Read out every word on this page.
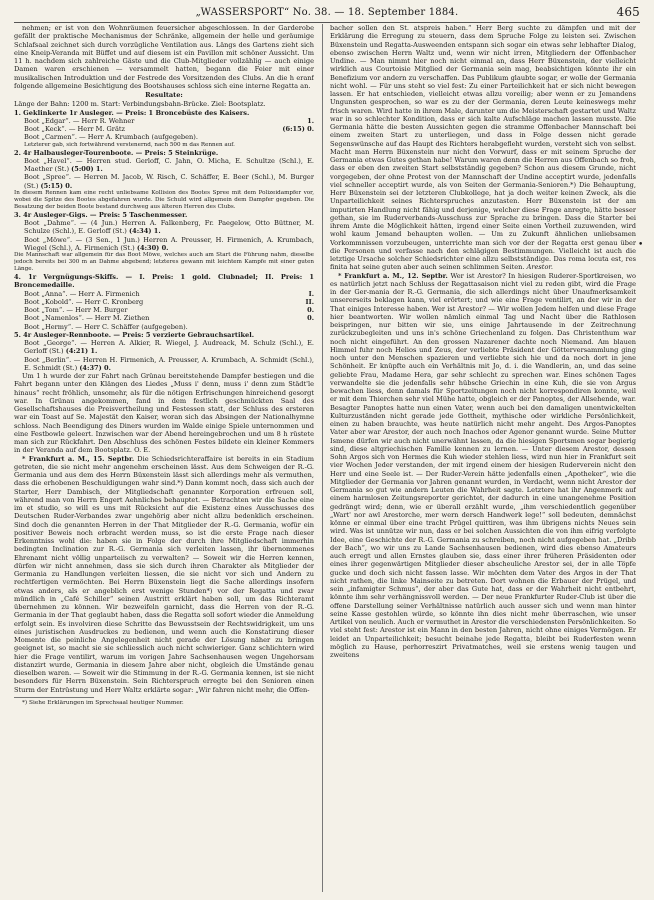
„WASSERSPORT“ No. 38. — 18. September 1884.	465

nehmen; er ist von den Wohnräumen feuersicher abgeschlossen. In der Garderobe gefällt der praktische Mechanismus der Schränke, allgemein der helle und geräumige Schlafsaal zeichnet sich durch vorzügliche Ventilation aus. Längs des Gartens zieht sich eine Kneip-Veranda mit Büffet und auf diesem ist ein Pavillon mit schöner Aussicht. Um 11 h. nachdem sich zahlreiche Gäste und die Club-Mitglieder vollzählig — auch einige Damen waren erschienen — versammelt hatten, begann die Feier mit einer musikalischen Introduktion und der Festrede des Vorsitzenden des Clubs. An die h eranf folgende allgemeine Besichtigung des Bootshauses schloss sich eine interne Regatta an.

Resultate:

Länge der Bahn: 1200 m. Start: Verbindungsbahn-Brücke. Ziel: Bootsplatz.

1. Geklinkerte 1r Ausleger. — Preis: 1 Broncebüste des Kaisers.

Boot „Edgar“. — Herr R. Wehner	1.
Boot „Keck“. — Herr M. Grätz	(6:15) 0.
Boot „Carmen“. — Herr A. Krumbach (aufgegeben).

Letzterer gab, sich fortwährend verstenernd, nach 500 m das Rennen auf.

2. 4r Halbausleger-Tourenboote. — Preis: 5 Steinkrüge.

Boot „Havel“. — Herren stud. Gerloff, C. Jahn, O. Micha, E. Schultze (Schl.), E. Maether (St.) (5:00) 1.

Boot „Spree“. — Herren M. Jacob, W. Risch, C. Schäffer, E. Beer (Schl.), M. Burger (St.) (5:15) 0.

In diesem Rennen kam eine recht unliebsame Kollision des Bootes Spree mit dem Polizeidampfer vor, wobei die Spitze des Bootes abgefahren wurde. Die Schuld wird allgemein dem Dampfer gegeben. Die Besatzung der beiden Boote bestand durchweg aus älteren Herren des Clubs.

3. 4r Ausleger-Gigs. — Preis: 5 Taschenmesser.

Boot „Dahme“. — (4 Jun.) Herren A. Falkenberg, Fr. Paegelow, Otto Büttner, M. Schulze (Schl.), E. Gerloff (St.) (4:34) 1.

Boot „Möwe“. — (3 Sen., 1 Jun.) Herren A. Preusser, H. Firmenich, A. Krumbach, Wiegel (Schl.), A. Firmenich (St.) (4:30) 0.

Die Mannschaft war allgemein für das Boot Möwe, welches auch am Start die Führung nahm, dieselbe jedoch bereits bei 300 m an Dahme abgebend; letzteres gewann mit leichtem Kampfe mit einer guten Länge.

4. 1r Vergnügungs-Skiffs. — I. Preis: 1 gold. Clubnadel; II. Preis: 1 Broncemedaille.

Boot „Anna“. — Herr A. Firmenich	I.
Boot „Kobold“. — Herr C. Kronberg	II.
Boot „Tom“. — Herr M. Burger	0.
Boot „Namenlos“. — Herr M. Ziethen	0.
Boot „Hermy“. — Herr C. Schäffer (aufgegeben).

5. 4r Ausleger-Rennboote. — Preis: 5 verzierte Gebrauchsartikel.

Boot „George“. — Herren A. Alkier, R. Wiegel, J. Audreack, M. Schulz (Schl.), E. Gerloff (St.) (4:21) 1.

Boot „Berlin“. — Herren H. Firmenich, A. Preusser, A. Krumbach, A. Schmidt (Schl.), E. Schmidt (St.) (4:37) 0.

Um 1 h wurde der zur Fahrt nach Grünau bereitstehende Dampfer bestiegen und die Fahrt begann unter den Klängen des Liedes „Muss i' denn, muss i' denn zum Städt'le hinaus“ recht fröhlich, unsomehr, als für die nötigen Erfrischungen hinreichend gesorgt war. In Grünau angekommen, fand in dem festlich geschmückten Saal des Gesellschaftshauses die Preisvertheilung und Festessen statt, der Schluss des ersteren war ein Toast auf Se. Majestät den Kaiser, woran sich das Absingen der Nationalhymne schloss. Nach Beendigung des Diners wurden im Walde einige Spiele unternommen und eine Festbowle geleert. Inzwischen war der Abend hereingebrochen und um 8 h rüstete man sich zur Rückfahrt. Den Abschluss des schönen Festes bildete ein kleiner Kommers in der Veranda auf dem Bootsplatz. O. E.

* Frankfurt a. M., 15. Septbr. Die Schiedsrichteraffaire ist bereits in ein Stadium getreten, die sie nicht mehr angenehm erscheinen lässt. Aus dem Schweigen der R.-G. Germania und aus dem des Herrn Büxenstein lässt sich allerdings mehr als vermuthen, dass die erhobenen Beschuldigungen wahr sind.*) Dann kommt noch, dass sich auch der Starter, Herr Dambisch, der Mitgliedschaft genannter Korporation erfreuen soll, während man von Herrn Engert Aehnliches behauptet. — Betrachten wir die Sache eine im et studio, so will es uns mit Rücksicht auf die Existenz eines Ausschusses des Deutschen Ruder-Verbandes zwar ungehörig aber nicht allzu bedenklich erscheinen. Sind doch die genannten Herren in der That Mitglieder der R.-G. Germania, wofür ein positiver Beweis noch erbracht werden muss, so ist die erste Frage nach dieser Erkenntniss wohl die: haben sie in Folge der durch ihre Mitgliedschaft immerhin bedingten Inclination zur R.-G. Germania sich verleiten lassen, ihr übernommenes Ehrenamt nicht völlig unparteiisch zu verwalten? — Soweit wir die Herren kennen, dürfen wir nicht annehmen, dass sie sich durch ihren Charakter als Mitglieder der Germania zu Handlungen verleiten liessen, die sie nicht vor sich und Andern zu rechtfertigen vermöchten. Bei Herrn Büxenstein liegt die Sache allerdings insofern etwas anders, als er angeblich erst wenige Stunden*) vor der Regatta und zwar mündlich in „Café Schiller“ seinen Austritt erklärt haben soll, um das Richteramt übernehmen zu können. Wir bezweifeln garnicht, dass die Herren von der R.-G. Germania in der That geglaubt haben, dass die Regatta soll sofort wieder die Anmeldung erfolgt sein. Es involviren diese Schritte das Bewusstsein der Rechtswidrigkeit, um uns eines juristischen Ausdruckes zu bedienen, und wenn auch die Konstatirung dieser Momente die peinliche Angelegenheit nicht gerade der Lösung näher zu bringen geeignet ist, so macht sie sie schliesslich auch nicht schwieriger. Ganz schlichtern wird hier die Frage ventilirt, warum im vorigen Jahre Sachsenhausen wegen Ungehorsam distanzirt wurde, Germania in diesem Jahre aber nicht, obgleich die Umstände genau dieselben waren. — Soweit wir die Stimmung in der R.-G. Germania kennen, ist sie nicht besonders für Herrn Büxenstein. Sein Richterspruch erregte bei den Senioren einen Sturm der Entrüstung und Herr Waltz erklärte sogar: „Wir fahren nicht mehr, die Offen-

*) Siehe Erklärungen im Sprechsaal heutiger Nummer.

bacher sollen den St. atspreis haben.“ Herr Berg suchte zu dämpfen und mit der Erklärung die Erregung zu steuern, dass dem Spruche Folge zu leisten sei. Zwischen Büxenstein und Regatta-Ausweenden entspann sich sogar ein etwas sehr lebhafter Dialog, ebenso zwischen Herrn Waltz und, wenn wir nicht irren, Mitgliedern der Offenbacher Undine. — Man nimmt hier noch nicht einmal an, dass Herr Büxenstein, der vielleicht wirklich aus Courtoisie Mitglied der Germania sein mag, beabsichtigen könnte ihr ein Benefizium vor andern zu verschaffen. Das Publikum glaubte sogar, er wolle der Germania nicht wohl. — Für uns steht so viel fest: Zu einer Parteilichkeit hat er sich nicht bewegen lassen. Er hat entschieden, vielleicht etwas allzu voreilig; aber wenn er zu Jemandens Ungunsten gesprochen, so war es zu der der Germania, deren Leute keineswegs mehr frisch waren. Wird hatte in ihrem Male, darunter um die Meisterschaft gestartet und Waltz war in so schlechter Kondition, dass er sich kalte Aufschläge machen lassen musste. Die Germania hätte die besten Aussichten gegen die stramme Offenbacher Mannschaft bei einem zweiten Start zu unterliegen, und dass in Folge dessen nicht gerade Segenswünsche auf das Haupt des Richters herabgefleht wurden, versteht sich von selbst. Macht man Herrn Büxenstein nur nicht den Vorwurf, dass er mit seinem Spruche der Germania etwas Gutes gethan habe! Warum waren denn die Herren aus Offenbach so froh, dass er eben den zweiten Start selbstständig gegeben? Schon aus diesem Grunde, nicht vorgegeben, der ohne Protest von der Mannschaft der Undine acceptirt wurde, jedenfalls viel schneller acceptirt wurde, als von Seiten der Germania-Senioren.*) Die Behauptung, Herr Büxenstein sei der letzteren Clubkollege, hat ja doch weiter keinen Zweck, als die Unparteilichkeit seines Richterspruches anzutasten. Herr Büxenstein ist der am imputirten Handlung nicht fähig und derjenige, welcher diese Frage anregte, hätte besser gethan, sie im Ruderverbands-Ausschuss zur Sprache zu bringen. Dass die Starter bei ihrem Amte die Möglichkeit hätten, irgend einer Seite einen Vortheil zuzuwenden, wird wohl kaum Jemand behaupten wollen. — Um zu Zukunft ähnlichen unliebsamen Vorkommnissen vorzubeugen, unterrichte man sich vor der der Regatta erst genau über die Personen und verfasse nach den schlägigen Bestimmungen. Vielleicht ist auch die letztige Ursache solcher Schiedsrichter eine allzu selbstständige. Das roma locuta est, res finita hat seine guten aber auch seinen schlimmen Seiten. Arestor.

* Frankfurt a. M., 12. Septbr. Wer ist Arestor? In hiesigen Ruderer-Sportkreisen, wo es natürlich jetzt nach Schluss der Regattasaison nicht viel zu reden gibt, wird die Frage in der Ger-mania der R.-G. Germania, die sich allerdings nicht über Unaufmerksamkeit unsererseits beklagen kann, viel erörtert; und wie eine Frage ventilirt, an der wir in der That einiges Interesse haben. Wer ist Arestor? — Wir wollen Jedem helfen und diese Frage hier beantworten. Wir wollen nämlich einmal Tag und Nacht über die Rathlosen beispringen, nur bitten wir sie, uns einige Jahrtausende in der Zeitrechnung zurückzubegleiten und uns in's schöne Griechenland zu folgen. Das Christenthum war noch nicht eingeführt. An den grossen Nazarener dachte noch Niemand. Am blauen Himmel fuhr noch Helios und Zeus, der verliebte Präsident der Götterversammlung ging noch unter den Menschen spazieren und verliebte sich hie und da noch dort in jene Schönheit. Er knüpfte auch ein Verhältnis mit Jo, d. i. die Wandlerin, an, und das seine geliebte Frau, Madame Hera, gar sehr schlecht zu sprechen war. Eines schönen Tages verwandelte sie die jedenfalls sehr hübsche Griechin in eine Kuh, die sie von Argus bewachen liess, denn damals für Sportzeitungen noch nicht korrespondiren konnte, weil er mit dem Thierchen sehr viel Mühe hatte, obgleich er der Panoptes, der Allsehende, war. Besagter Panoptes hatte nun einen Vater, wenn auch bei den damaligen unentwickelten Kulturzuständen nicht gerade jede Gottheit, mythische oder wirkliche Persönlichkeit, einen zu haben brauchte, was heute natürlich nicht mehr angeht. Des Argos-Panoptes Vater aber war Arestor, der auch noch Inachos oder Agenor genannt wurde. Seine Mutter Ismene dürfen wir auch nicht unerwähnt lassen, da die hiesigen Sportsmen sogar begierig sind, diese altgriechischen Familie kennen zu lernen. — Unter diesem Arestor, dessen Sohn Argos sich von Hermes die Kuh wieder stehlen liess, wird nun hier in Frankfurt seit vier Wochen Jeder verstanden, der mit irgend einem der hiesigen Ruderverein nicht den Herr und eine Seele ist. — Der Ruder-Verein hätte jedenfalls einen „Apotheker“, wie die Mitglieder der Germania vor Jahren genannt wurden, in Verdacht, wenn nicht Arestor der Germania so gut wie andern Leuten die Wahrheit sagte. Letztere hat ihr Angenmerk auf einem harmlosen Zeitungsreporter gerichtet, der dadurch in eine unangenehme Position gedrängt wird; denn, wie er überall erzählt wurde, „ihm verschiedentlich gegenüber „Wart' nor awl Arestorche, mer wern dersch Handwerk lege!“ soll bedeuten, demnächst könne er einmal über eine tracht Prügel quittiren, was ihm übrigens nichts Neues sein wird. Was ist unnütze wir nun, dass er bei solchen Aussichten die von ihm eifrig verfolgte Idee, eine Geschichte der R.-G. Germania zu schreiben, noch nicht aufgegeben hat. „Dribb der Bach“, wo wir uns zu Lande Sachsenhausen bedienen, wird dies ebenso Amateurs auch erregt und allen Ernstes glauben sie, dass einer ihrer früheren Präsidenten oder eines ihrer gegenwärtigen Mitglieder dieser abscheuliche Arestor sei, der in alle Töpfe gucke und doch sich nicht fassen lasse. Wir möchten dem Vater des Argos in der That nicht rathen, die linke Mainseite zu betreten. Dort wohnen die Erbauer der Prügel, und sein „infamigter Schmus“, der aber das Gute hat, dass er der Wahrheit nicht entbehrt, könnte ihm sehr verhängnissvoll werden. — Der neue Frankfurter Ruder-Club ist über die offene Darstellung seiner Verhältnisse natürlich auch ausser sich und wenn man hinter seine Kasse gestohlen würde, so könnte ihn dies nicht mehr überraschen, wie unser Artikel von neulich. Auch er vermuthet in Arestor die verschiedensten Persönlichkeiten. So viel steht fest: Arestor ist ein Mann in den besten Jahren, nicht ohne einiges Vermögen. Er leidet an Unparteilichkeit; besucht beinahe jede Regatta, bleibt bei Ruderfesten wenn möglich zu Hause, perhorreszirt Privatmatches, weil sie erstens wenig taugen und zweitens

•
